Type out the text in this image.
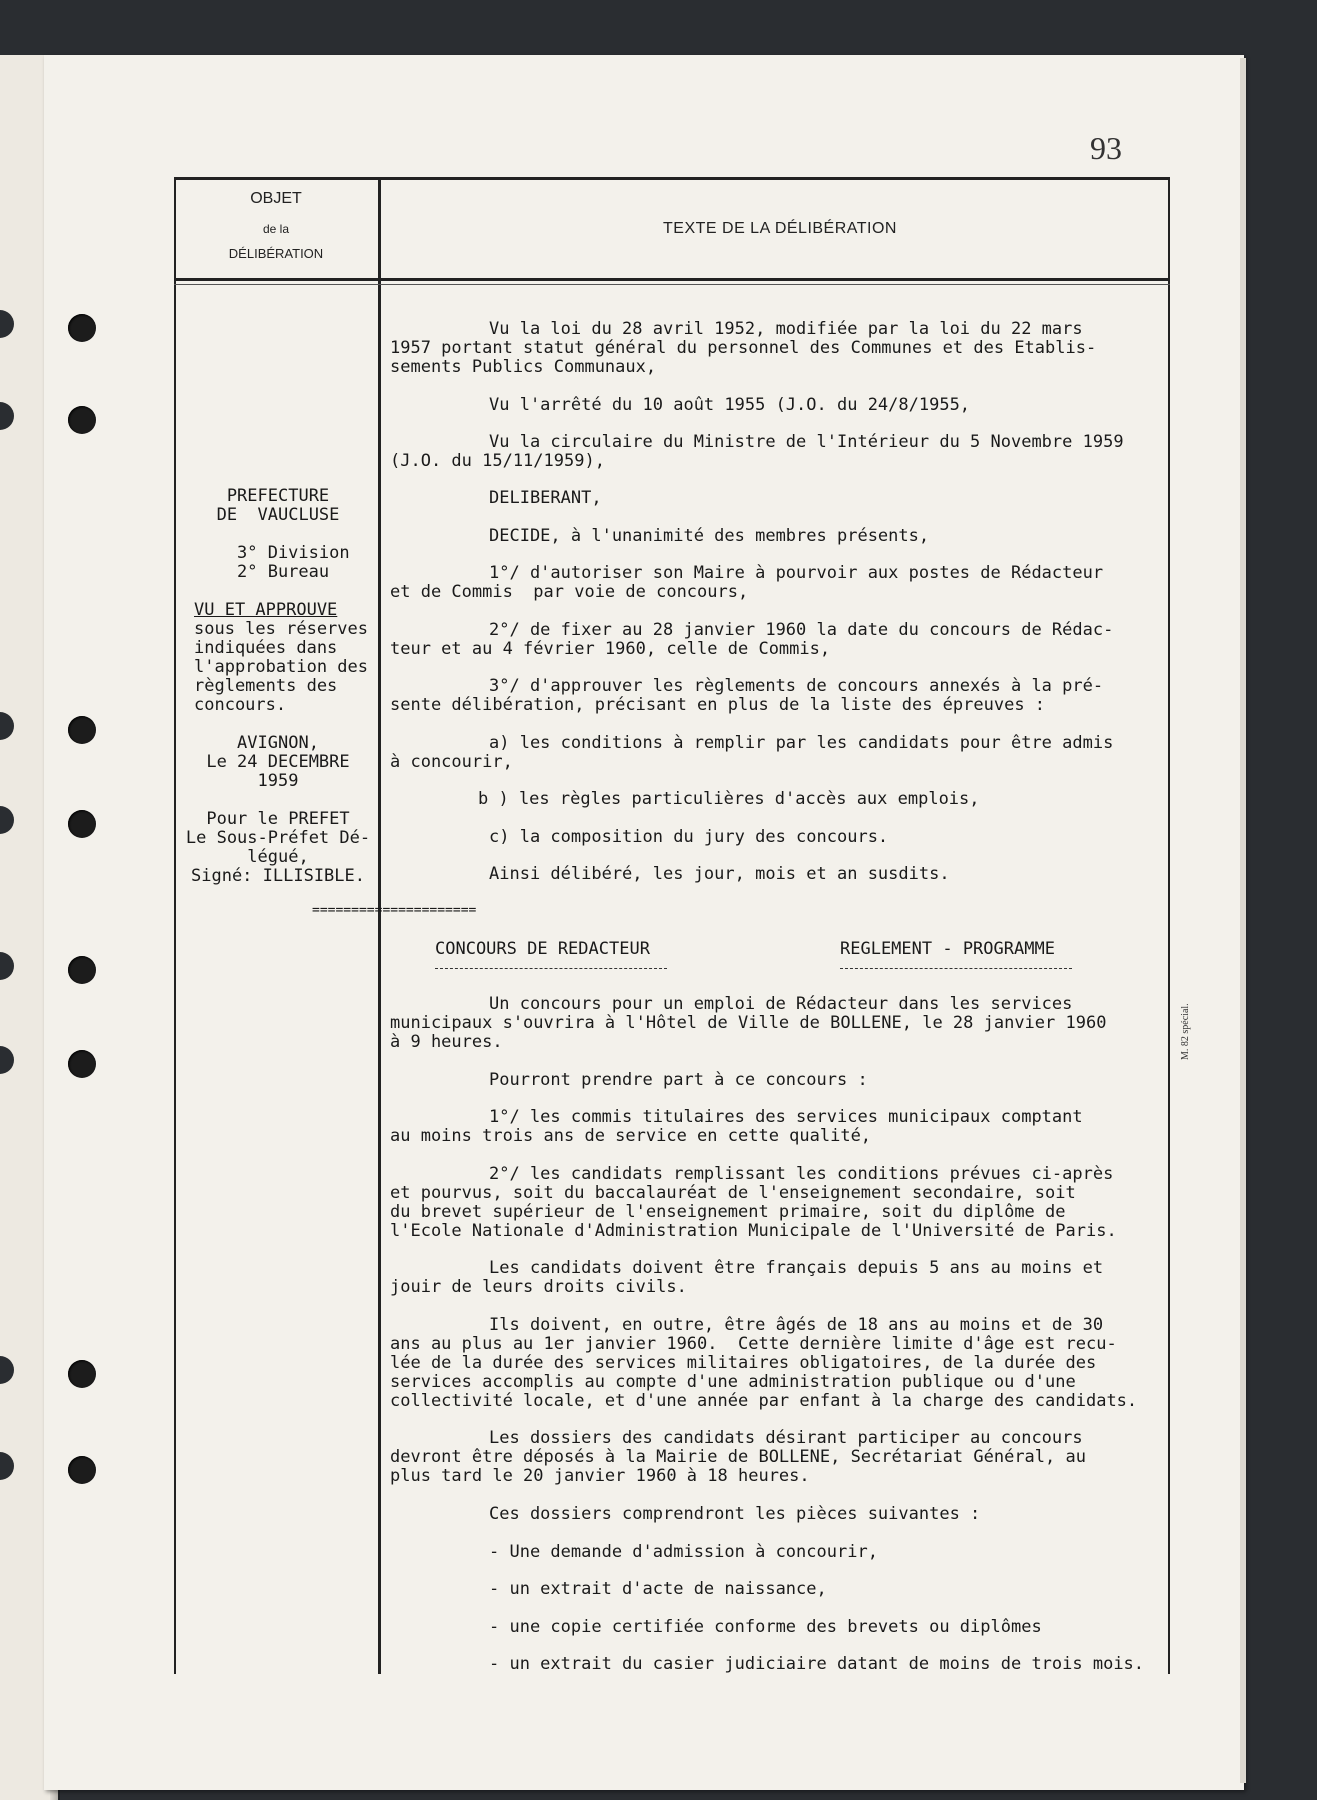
93
OBJET
de la
DÉLIBÉRATION
TEXTE DE LA DÉLIBÉRATION
PREFECTURE
DE  VAUCLUSE
3° Division
2° Bureau
VU ET APPROUVE
sous les réserves
indiquées dans
l'approbation des
règlements des
concours.
AVIGNON,
Le 24 DECEMBRE
1959
Pour le PREFET
Le Sous-Préfet Dé-
légué,
Signé: ILLISIBLE.
=====================
Vu la loi du 28 avril 1952, modifiée par la loi du 22 mars
1957 portant statut général du personnel des Communes et des Etablis-
sements Publics Communaux,
Vu l'arrêté du 10 août 1955 (J.O. du 24/8/1955,
Vu la circulaire du Ministre de l'Intérieur du 5 Novembre 1959
(J.O. du 15/11/1959),
DELIBERANT,
DECIDE, à l'unanimité des membres présents,
1°/ d'autoriser son Maire à pourvoir aux postes de Rédacteur
et de Commis  par voie de concours,
2°/ de fixer au 28 janvier 1960 la date du concours de Rédac-
teur et au 4 février 1960, celle de Commis,
3°/ d'approuver les règlements de concours annexés à la pré-
sente délibération, précisant en plus de la liste des épreuves :
a) les conditions à remplir par les candidats pour être admis
à concourir,
b ) les règles particulières d'accès aux emplois,
c) la composition du jury des concours.
Ainsi délibéré, les jour, mois et an susdits.
CONCOURS DE REDACTEUR	REGLEMENT - PROGRAMME
Un concours pour un emploi de Rédacteur dans les services
municipaux s'ouvrira à l'Hôtel de Ville de BOLLENE, le 28 janvier 1960
à 9 heures.
Pourront prendre part à ce concours :
1°/ les commis titulaires des services municipaux comptant
au moins trois ans de service en cette qualité,
2°/ les candidats remplissant les conditions prévues ci-après
et pourvus, soit du baccalauréat de l'enseignement secondaire, soit
du brevet supérieur de l'enseignement primaire, soit du diplôme de
l'Ecole Nationale d'Administration Municipale de l'Université de Paris.
Les candidats doivent être français depuis 5 ans au moins et
jouir de leurs droits civils.
Ils doivent, en outre, être âgés de 18 ans au moins et de 30
ans au plus au 1er janvier 1960.  Cette dernière limite d'âge est recu-
lée de la durée des services militaires obligatoires, de la durée des
services accomplis au compte d'une administration publique ou d'une
collectivité locale, et d'une année par enfant à la charge des candidats.
Les dossiers des candidats désirant participer au concours
devront être déposés à la Mairie de BOLLENE, Secrétariat Général, au
plus tard le 20 janvier 1960 à 18 heures.
Ces dossiers comprendront les pièces suivantes :
- Une demande d'admission à concourir,
- un extrait d'acte de naissance,
- une copie certifiée conforme des brevets ou diplômes
- un extrait du casier judiciaire datant de moins de trois mois.
M. 82 spécial.
